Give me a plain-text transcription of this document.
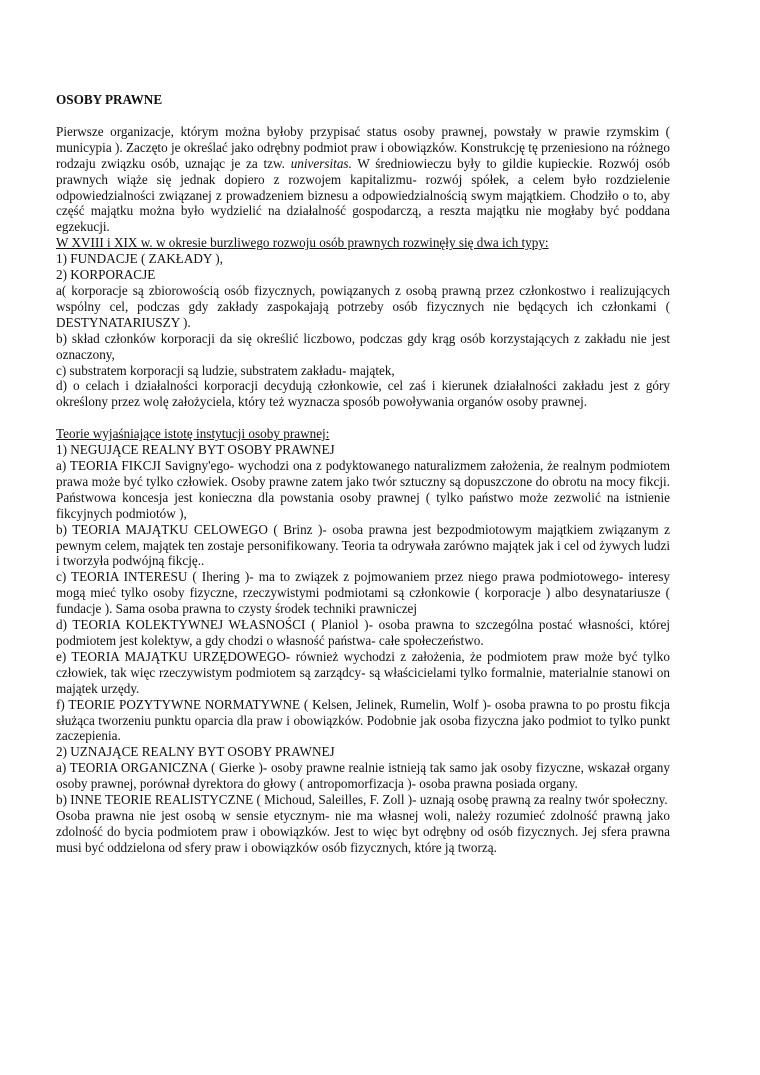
OSOBY PRAWNE

Pierwsze organizacje, którym można byłoby przypisać status osoby prawnej, powstały w prawie rzymskim ( municypia ). Zaczęto je określać jako odrębny podmiot praw i obowiązków. Konstrukcję tę przeniesiono na różnego rodzaju związku osób, uznając je za tzw. universitas. W średniowieczu były to gildie kupieckie. Rozwój osób prawnych wiąże się jednak dopiero z rozwojem kapitalizmu- rozwój spółek, a celem było rozdzielenie odpowiedzialności związanej z prowadzeniem biznesu a odpowiedzialnością swym majątkiem. Chodziło o to, aby część majątku można było wydzielić na działalność gospodarczą, a reszta majątku nie mogłaby być poddana egzekucji.

W XVIII i XIX w. w okresie burzliwego rozwoju osób prawnych rozwinęły się dwa ich typy:

1) FUNDACJE ( ZAKŁADY ),

2) KORPORACJE

a( korporacje są zbiorowością osób fizycznych, powiązanych z osobą prawną przez członkostwo i realizujących wspólny cel, podczas gdy zakłady zaspokajają potrzeby osób fizycznych nie będących ich członkami ( DESTYNATARIUSZY ).

b) skład członków korporacji da się określić liczbowo, podczas gdy krąg osób korzystających z zakładu nie jest oznaczony,

c) substratem korporacji są ludzie, substratem zakładu- majątek,

d) o celach i działalności korporacji decydują członkowie, cel zaś i kierunek działalności zakładu jest z góry określony przez wolę założyciela, który też wyznacza sposób powoływania organów osoby prawnej.

Teorie wyjaśniające istotę instytucji osoby prawnej:

1) NEGUJĄCE REALNY BYT OSOBY PRAWNEJ

a) TEORIA FIKCJI Savigny'ego- wychodzi ona z podyktowanego naturalizmem założenia, że realnym podmiotem prawa może być tylko człowiek. Osoby prawne zatem jako twór sztuczny są dopuszczone do obrotu na mocy fikcji. Państwowa koncesja jest konieczna dla powstania osoby prawnej ( tylko państwo może zezwolić na istnienie fikcyjnych podmiotów ),

b) TEORIA MAJĄTKU CELOWEGO ( Brinz )- osoba prawna jest bezpodmiotowym majątkiem związanym z pewnym celem, majątek ten zostaje personifikowany. Teoria ta odrywała zarówno majątek jak i cel od żywych ludzi i tworzyła podwójną fikcję..

c) TEORIA INTERESU ( Ihering )- ma to związek z pojmowaniem przez niego prawa podmiotowego- interesy mogą mieć tylko osoby fizyczne, rzeczywistymi podmiotami są członkowie ( korporacje ) albo desynatariusze ( fundacje ). Sama osoba prawna to czysty środek techniki prawniczej

d) TEORIA KOLEKTYWNEJ WŁASNOŚCI ( Planiol )- osoba prawna to szczególna postać własności, której podmiotem jest kolektyw, a gdy chodzi o własność państwa- całe społeczeństwo.

e) TEORIA MAJĄTKU URZĘDOWEGO- również wychodzi z założenia, że podmiotem praw może być tylko człowiek, tak więc rzeczywistym podmiotem są zarządcy- są właścicielami tylko formalnie, materialnie stanowi on majątek urzędy.

f) TEORIE POZYTYWNE NORMATYWNE ( Kelsen, Jelinek, Rumelin, Wolf )- osoba prawna to po prostu fikcja służąca tworzeniu punktu oparcia dla praw i obowiązków. Podobnie jak osoba fizyczna jako podmiot to tylko punkt zaczepienia.

2) UZNAJĄCE REALNY BYT OSOBY PRAWNEJ

a) TEORIA ORGANICZNA ( Gierke )- osoby prawne realnie istnieją tak samo jak osoby fizyczne, wskazał organy osoby prawnej, porównał dyrektora do głowy ( antropomorfizacja )- osoba prawna posiada organy.

b) INNE TEORIE REALISTYCZNE ( Michoud, Saleilles, F. Zoll )- uznają osobę prawną za realny twór społeczny.

Osoba prawna nie jest osobą w sensie etycznym- nie ma własnej woli, należy rozumieć zdolność prawną jako zdolność do bycia podmiotem praw i obowiązków. Jest to więc byt odrębny od osób fizycznych. Jej sfera prawna musi być oddzielona od sfery praw i obowiązków osób fizycznych, które ją tworzą.
